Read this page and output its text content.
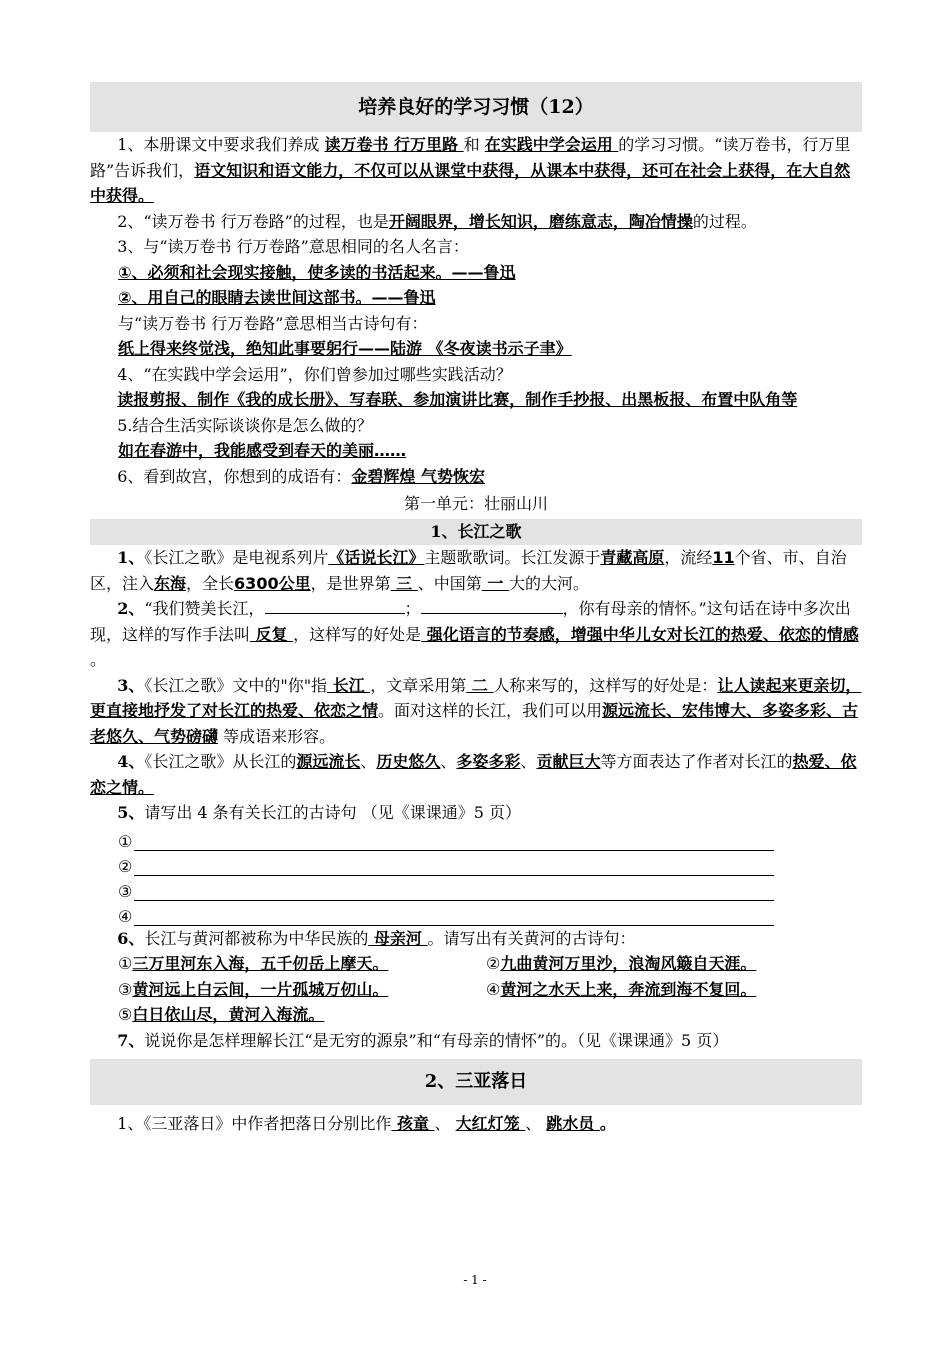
培养良好的学习习惯（12）

1、本册课文中要求我们养成 读万卷书 行万里路 和 在实践中学会运用 的学习习惯。“读万卷书，行万里路”告诉我们，语文知识和语文能力，不仅可以从课堂中获得，从课本中获得，还可在社会上获得，在大自然中获得。

2、“读万卷书 行万卷路”的过程，也是开阔眼界，增长知识，磨练意志，陶冶情操的过程。

3、与“读万卷书 行万卷路”意思相同的名人名言：

①、必须和社会现实接触，使多读的书活起来。——鲁迅

②、用自己的眼睛去读世间这部书。——鲁迅

与“读万卷书 行万卷路”意思相当古诗句有：

纸上得来终觉浅，绝知此事要躬行——陆游 《冬夜读书示子聿》

4、“在实践中学会运用”，你们曾参加过哪些实践活动？

读报剪报、制作《我的成长册》、写春联、参加演讲比赛，制作手抄报、出黑板报、布置中队角等

5.结合生活实际谈谈你是怎么做的？

如在春游中，我能感受到春天的美丽……

6、看到故宫，你想到的成语有：金碧辉煌 气势恢宏

第一单元：壮丽山川
1、长江之歌

1、《长江之歌》是电视系列片《话说长江》主题歌歌词。长江发源于青藏高原，流经11个省、市、自治区，注入东海，全长6300公里，是世界第 三 、中国第 一 大的大河。

2、“我们赞美长江，	；	，你有母亲的情怀。”这句话在诗中多次出现，这样的写作手法叫 反复 ，这样写的好处是 强化语言的节奏感，增强中华儿女对长江的热爱、依恋的情感 。

3、《长江之歌》文中的"你"指 长江 ，文章采用第 二 人称来写的，这样写的好处是：让人读起来更亲切，更直接地抒发了对长江的热爱、依恋之情。面对这样的长江，我们可以用源远流长、宏伟博大、多姿多彩、古老悠久、气势磅礴 等成语来形容。

4、《长江之歌》从长江的源远流长、历史悠久、多姿多彩、贡献巨大等方面表达了作者对长江的热爱、依恋之情。

5、请写出 4 条有关长江的古诗句 （见《课课通》5 页）

①
②
③
④

6、长江与黄河都被称为中华民族的 母亲河 。请写出有关黄河的古诗句：

①三万里河东入海，五千仞岳上摩天。	②九曲黄河万里沙，浪淘风簸自天涯。
③黄河远上白云间，一片孤城万仞山。	④黄河之水天上来，奔流到海不复回。
⑤白日依山尽，黄河入海流。

7、说说你是怎样理解长江“是无穷的源泉”和“有母亲的情怀”的。（见《课课通》5 页）

2、三亚落日

1、《三亚落日》中作者把落日分别比作 孩童 、 大红灯笼 、 跳水员 。

- 1 -
